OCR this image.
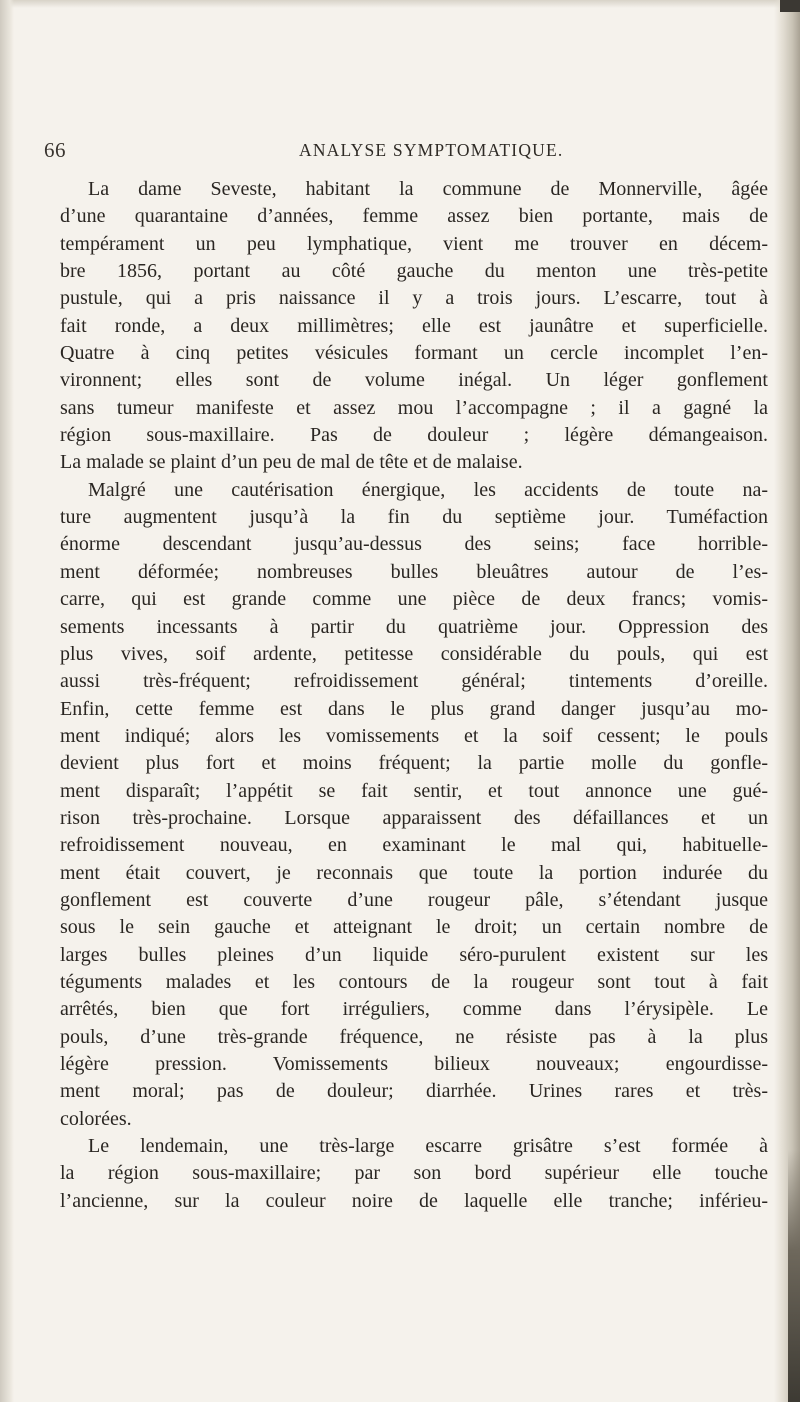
66	ANALYSE SYMPTOMATIQUE.
La dame Seveste, habitant la commune de Monnerville, âgée
d’une quarantaine d’années, femme assez bien portante, mais de
tempérament un peu lymphatique, vient me trouver en décem-
bre 1856, portant au côté gauche du menton une très-petite
pustule, qui a pris naissance il y a trois jours. L’escarre, tout à
fait ronde, a deux millimètres; elle est jaunâtre et superficielle.
Quatre à cinq petites vésicules formant un cercle incomplet l’en-
vironnent; elles sont de volume inégal. Un léger gonflement
sans tumeur manifeste et assez mou l’accompagne ; il a gagné la
région sous-maxillaire. Pas de douleur ; légère démangeaison.
La malade se plaint d’un peu de mal de tête et de malaise.
Malgré une cautérisation énergique, les accidents de toute na-
ture augmentent jusqu’à la fin du septième jour. Tuméfaction
énorme descendant jusqu’au-dessus des seins; face horrible-
ment déformée; nombreuses bulles bleuâtres autour de l’es-
carre, qui est grande comme une pièce de deux francs; vomis-
sements incessants à partir du quatrième jour. Oppression des
plus vives, soif ardente, petitesse considérable du pouls, qui est
aussi très-fréquent; refroidissement général; tintements d’oreille.
Enfin, cette femme est dans le plus grand danger jusqu’au mo-
ment indiqué; alors les vomissements et la soif cessent; le pouls
devient plus fort et moins fréquent; la partie molle du gonfle-
ment disparaît; l’appétit se fait sentir, et tout annonce une gué-
rison très-prochaine. Lorsque apparaissent des défaillances et un
refroidissement nouveau, en examinant le mal qui, habituelle-
ment était couvert, je reconnais que toute la portion indurée du
gonflement est couverte d’une rougeur pâle, s’étendant jusque
sous le sein gauche et atteignant le droit; un certain nombre de
larges bulles pleines d’un liquide séro-purulent existent sur les
téguments malades et les contours de la rougeur sont tout à fait
arrêtés, bien que fort irréguliers, comme dans l’érysipèle. Le
pouls, d’une très-grande fréquence, ne résiste pas à la plus
légère pression. Vomissements bilieux nouveaux; engourdisse-
ment moral; pas de douleur; diarrhée. Urines rares et très-
colorées.
Le lendemain, une très-large escarre grisâtre s’est formée à
la région sous-maxillaire; par son bord supérieur elle touche
l’ancienne, sur la couleur noire de laquelle elle tranche; inférieu-
